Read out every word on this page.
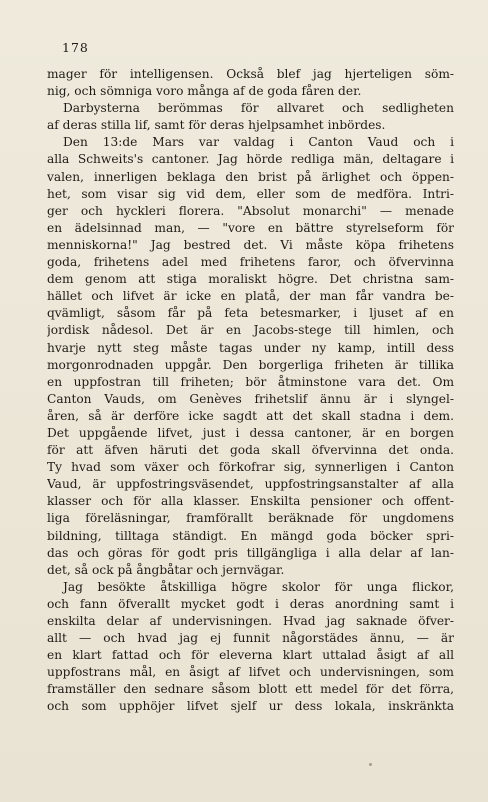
178
mager för intelligensen. Också blef jag hjerteligen söm-
nig, och sömniga voro många af de goda fåren der.
Darbysterna berömmas för allvaret och sedligheten
af deras stilla lif, samt för deras hjelpsamhet inbördes.
Den 13:de Mars var valdag i Canton Vaud och i
alla Schweits's cantoner. Jag hörde redliga män, deltagare i
valen, innerligen beklaga den brist på ärlighet och öppen-
het, som visar sig vid dem, eller som de medföra. Intri-
ger och hyckleri florera. "Absolut monarchi" — menade
en ädelsinnad man, — "vore en bättre styrelseform för
menniskorna!" Jag bestred det. Vi måste köpa frihetens
goda, frihetens adel med frihetens faror, och öfvervinna
dem genom att stiga moraliskt högre. Det christna sam-
hället och lifvet är icke en platå, der man får vandra be-
qvämligt, såsom får på feta betesmarker, i ljuset af en
jordisk nådesol. Det är en Jacobs-stege till himlen, och
hvarje nytt steg måste tagas under ny kamp, intill dess
morgonrodnaden uppgår. Den borgerliga friheten är tillika
en uppfostran till friheten; bör åtminstone vara det. Om
Canton Vauds, om Genèves frihetslif ännu är i slyngel-
åren, så är derföre icke sagdt att det skall stadna i dem.
Det uppgående lifvet, just i dessa cantoner, är en borgen
för att äfven häruti det goda skall öfvervinna det onda.
Ty hvad som växer och förkofrar sig, synnerligen i Canton
Vaud, är uppfostringsväsendet, uppfostringsanstalter af alla
klasser och för alla klasser. Enskilta pensioner och offent-
liga föreläsningar, framförallt beräknade för ungdomens
bildning, tilltaga ständigt. En mängd goda böcker spri-
das och göras för godt pris tillgängliga i alla delar af lan-
det, så ock på ångbåtar och jernvägar.
Jag besökte åtskilliga högre skolor för unga flickor,
och fann öfverallt mycket godt i deras anordning samt i
enskilta delar af undervisningen. Hvad jag saknade öfver-
allt — och hvad jag ej funnit någorstädes ännu, — är
en klart fattad och för eleverna klart uttalad åsigt af all
uppfostrans mål, en åsigt af lifvet och undervisningen, som
framställer den sednare såsom blott ett medel för det förra,
och som upphöjer lifvet sjelf ur dess lokala, inskränkta
